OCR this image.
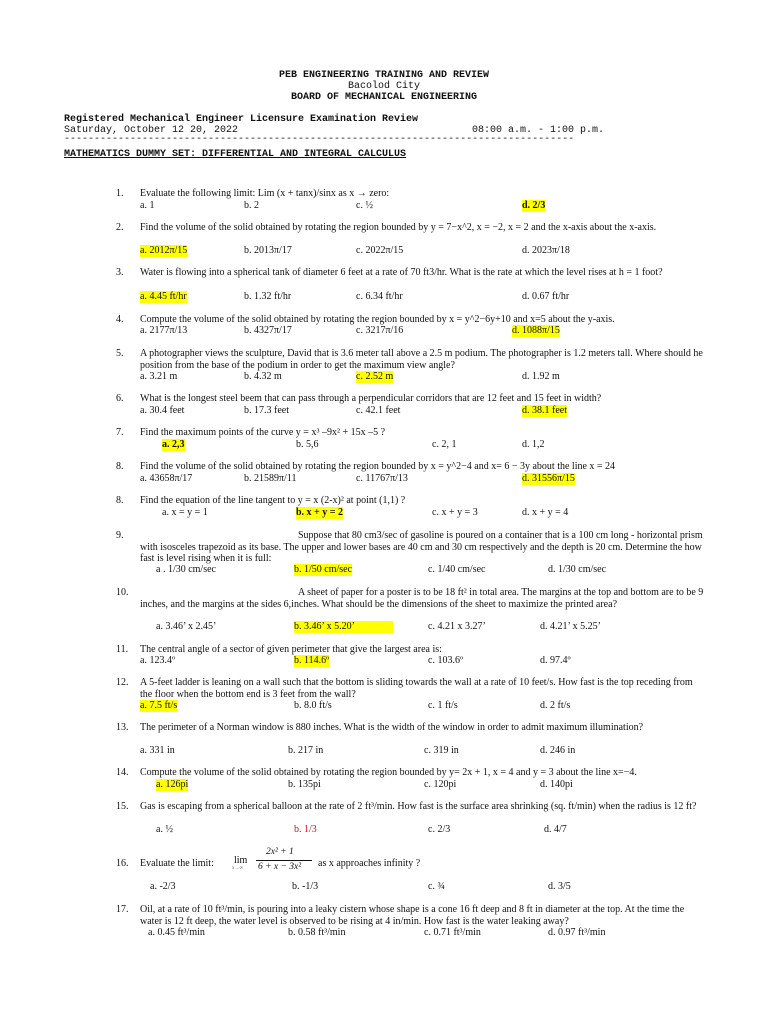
PEB ENGINEERING TRAINING AND REVIEW
Bacolod City
BOARD OF MECHANICAL ENGINEERING
Registered Mechanical Engineer Licensure Examination Review
Saturday, October 12 20, 2022	08:00 a.m. - 1:00 p.m.
-------------------------------------------------------------------------------------
MATHEMATICS DUMMY SET: DIFFERENTIAL AND INTEGRAL CALCULUS
1.	Evaluate the following limit: Lim (x + tanx)/sinx as x → zero:
a. 1	b. 2	c. ½	d. 2/3
2.	Find the volume of the solid obtained by rotating the region bounded by y = 7−x^2, x = −2, x = 2 and the x-axis about the x-axis.
a. 2012π/15	b. 2013π/17	c. 2022π/15	d. 2023π/18
3.	Water is flowing into a spherical tank of diameter 6 feet at a rate of 70 ft3/hr. What is the rate at which the level rises at h = 1 foot?
a. 4.45 ft/hr	b. 1.32 ft/hr	c. 6.34 ft/hr	d. 0.67 ft/hr
4.	Compute the volume of the solid obtained by rotating the region bounded by x = y^2−6y+10 and x=5 about the y-axis.
a. 2177π/13	b. 4327π/17	c. 3217π/16	d. 1088π/15
5.	A photographer views the sculpture, David that is 3.6 meter tall above a 2.5 m podium. The photographer is 1.2 meters tall. Where should he position from the base of the podium in order to get the maximum view angle?
a. 3.21 m	b. 4.32 m	c. 2.52 m	d. 1.92 m
6.	What is the longest steel beem that can pass through a perpendicular corridors that are 12 feet and 15 feet in width?
a. 30.4 feet	b. 17.3 feet	c. 42.1 feet	d. 38.1 feet
7.	Find the maximum points of the curve y = x³ –9x² + 15x –5 ?
a. 2,3	b. 5,6	c. 2, 1	d. 1,2
8.	Find the volume of the solid obtained by rotating the region bounded by x = y^2−4 and x= 6 − 3y about the line x = 24
a. 43658π/17	b. 21589π/11	c. 11767π/13	d. 31556π/15
8.	Find the equation of the line tangent to y = x (2-x)² at point (1,1) ?
a. x = y = 1	b. x + y = 2	c. x + y = 3	d. x + y = 4
9.	Suppose that 80 cm3/sec of gasoline is poured on a container that is a 100 cm long - horizontal prism with isosceles trapezoid as its base. The upper and lower bases are 40 cm and 30 cm respectively and the depth is 20 cm. Determine the how fast is level rising when it is full:
a . 1/30 cm/sec	b. 1/50 cm/sec	c. 1/40 cm/sec	d. 1/30 cm/sec
10.	A sheet of paper for a poster is to be 18 ft² in total area. The margins at the top and bottom are to be 9 inches, and the margins at the sides 6,inches. What should be the dimensions of the sheet to maximize the printed area?
a. 3.46’ x 2.45’	b. 3.46’ x 5.20’	c. 4.21 x 3.27’	d. 4.21’ x 5.25’
11.	The central angle of a sector of given perimeter that give the largest area is:
a. 123.4º	b. 114.6º	c. 103.6º	d. 97.4º
12.	A 5-feet ladder is leaning on a wall such that the bottom is sliding towards the wall at a rate of 10 feet/s. How fast is the top receding from the floor when the bottom end is 3 feet from the wall?
a. 7.5 ft/s	b. 8.0 ft/s	c. 1 ft/s	d. 2 ft/s
13.	The perimeter of a Norman window is 880 inches. What is the width of the window in order to admit maximum illumination?
a. 331 in	b. 217 in	c. 319 in	d. 246 in
14.	Compute the volume of the solid obtained by rotating the region bounded by y= 2x + 1, x = 4 and y = 3 about the line x=−4.
a. 126pi	b. 135pi	c. 120pi	d. 140pi
15.	Gas is escaping from a spherical balloon at the rate of 2 ft³/min. How fast is the surface area shrinking (sq. ft/min) when the radius is 12 ft?
a. ½	b. 1/3	c. 2/3	d. 4/7
16.	Evaluate the limit: lim
x→∞
2x² + 1
6 + x − 3x² as x approaches infinity ?
a. -2/3	b. -1/3	c. ¾	d. 3/5
17.	Oil, at a rate of 10 ft³/min, is pouring into a leaky cistern whose shape is a cone 16 ft deep and 8 ft in diameter at the top. At the time the water is 12 ft deep, the water level is observed to be rising at 4 in/min. How fast is the water leaking away?
a. 0.45 ft³/min	b. 0.58 ft³/min	c. 0.71 ft³/min	d. 0.97 ft³/min
